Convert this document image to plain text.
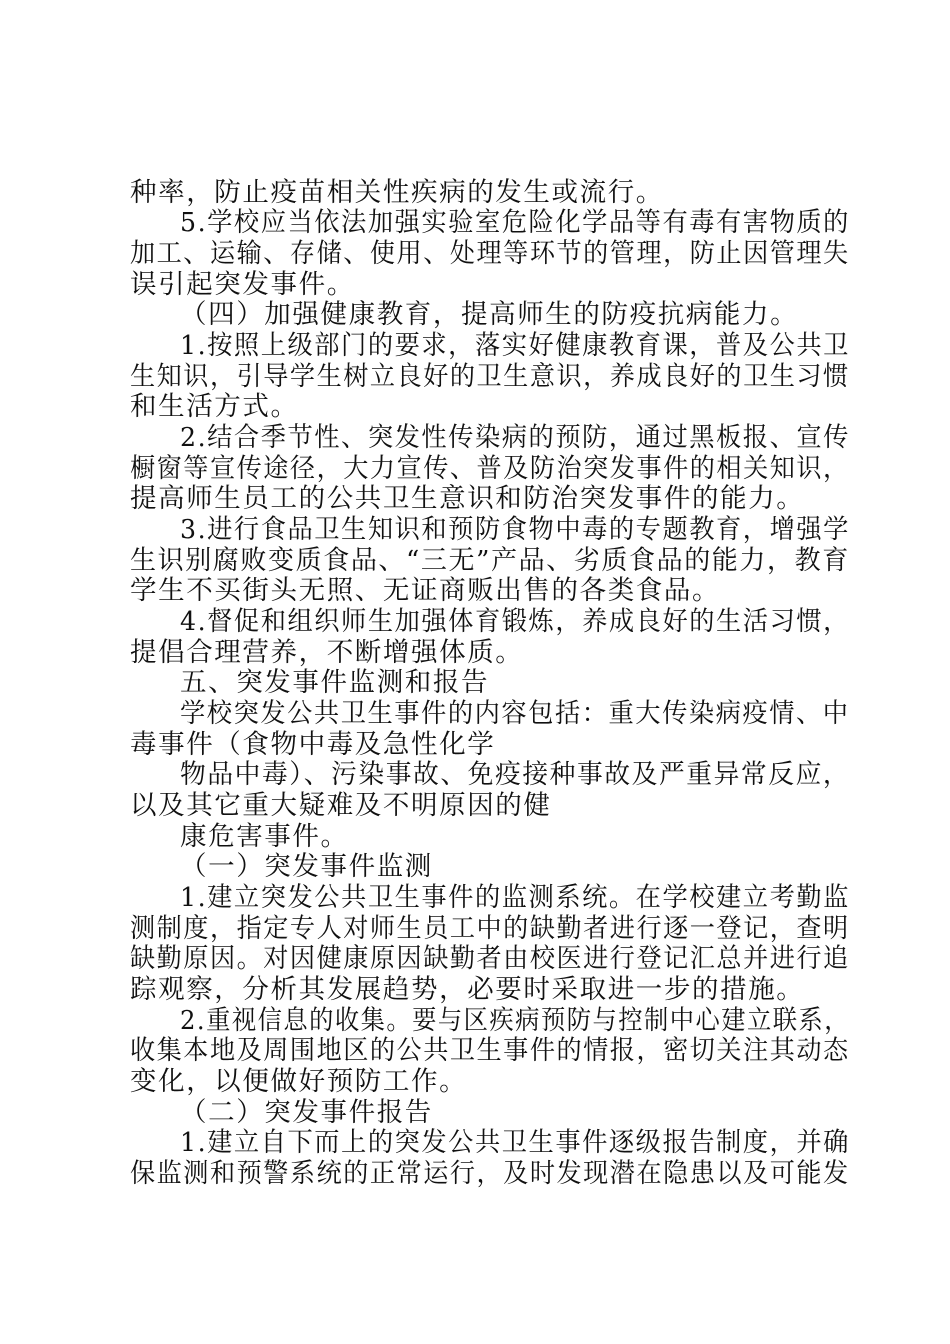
种率，防止疫苗相关性疾病的发生或流行。

5.学校应当依法加强实验室危险化学品等有毒有害物质的

加工、运输、存储、使用、处理等环节的管理，防止因管理失

误引起突发事件。

（四）加强健康教育，提高师生的防疫抗病能力。

1.按照上级部门的要求，落实好健康教育课，普及公共卫

生知识，引导学生树立良好的卫生意识，养成良好的卫生习惯

和生活方式。

2.结合季节性、突发性传染病的预防，通过黑板报、宣传

橱窗等宣传途径，大力宣传、普及防治突发事件的相关知识，

提高师生员工的公共卫生意识和防治突发事件的能力。

3.进行食品卫生知识和预防食物中毒的专题教育，增强学

生识别腐败变质食品、“三无”产品、劣质食品的能力，教育

学生不买街头无照、无证商贩出售的各类食品。

4.督促和组织师生加强体育锻炼，养成良好的生活习惯，

提倡合理营养，不断增强体质。

五、突发事件监测和报告

学校突发公共卫生事件的内容包括：重大传染病疫情、中

毒事件（食物中毒及急性化学

物品中毒）、污染事故、免疫接种事故及严重异常反应，

以及其它重大疑难及不明原因的健

康危害事件。

（一）突发事件监测

1.建立突发公共卫生事件的监测系统。在学校建立考勤监

测制度，指定专人对师生员工中的缺勤者进行逐一登记，查明

缺勤原因。对因健康原因缺勤者由校医进行登记汇总并进行追

踪观察，分析其发展趋势，必要时采取进一步的措施。

2.重视信息的收集。要与区疾病预防与控制中心建立联系，

收集本地及周围地区的公共卫生事件的情报，密切关注其动态

变化，以便做好预防工作。

（二）突发事件报告

1.建立自下而上的突发公共卫生事件逐级报告制度，并确

保监测和预警系统的正常运行，及时发现潜在隐患以及可能发
